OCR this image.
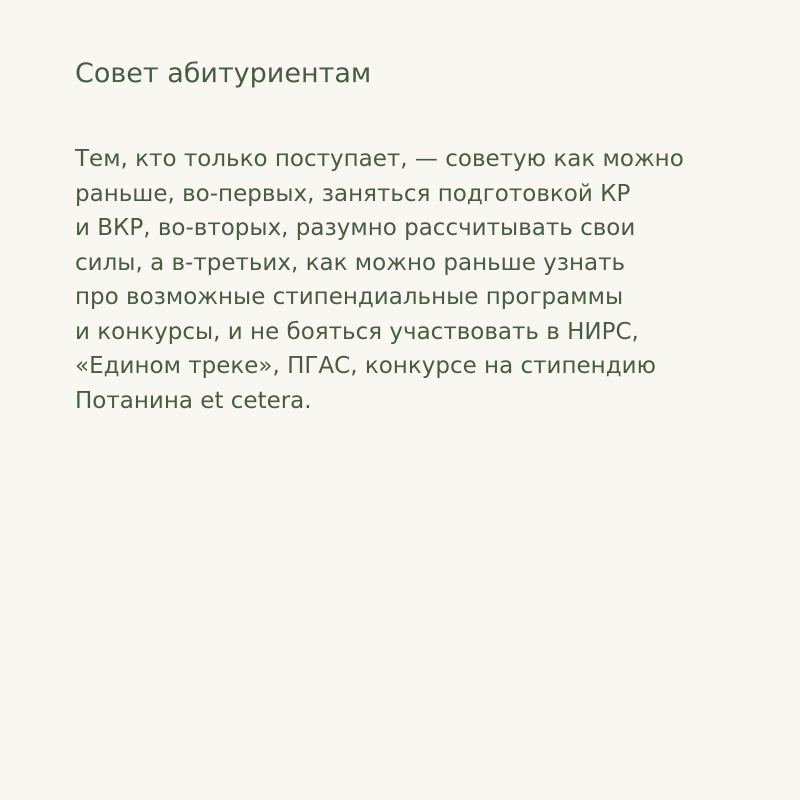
Совет абитуриентам
Тем, кто только поступает, — советую как можно
раньше, во-первых, заняться подготовкой КР
и ВКР, во-вторых, разумно рассчитывать свои
силы, а в-третьих, как можно раньше узнать
про возможные стипендиальные программы
и конкурсы, и не бояться участвовать в НИРС,
«Едином треке», ПГАС, конкурсе на стипендию
Потанина et cetera.
